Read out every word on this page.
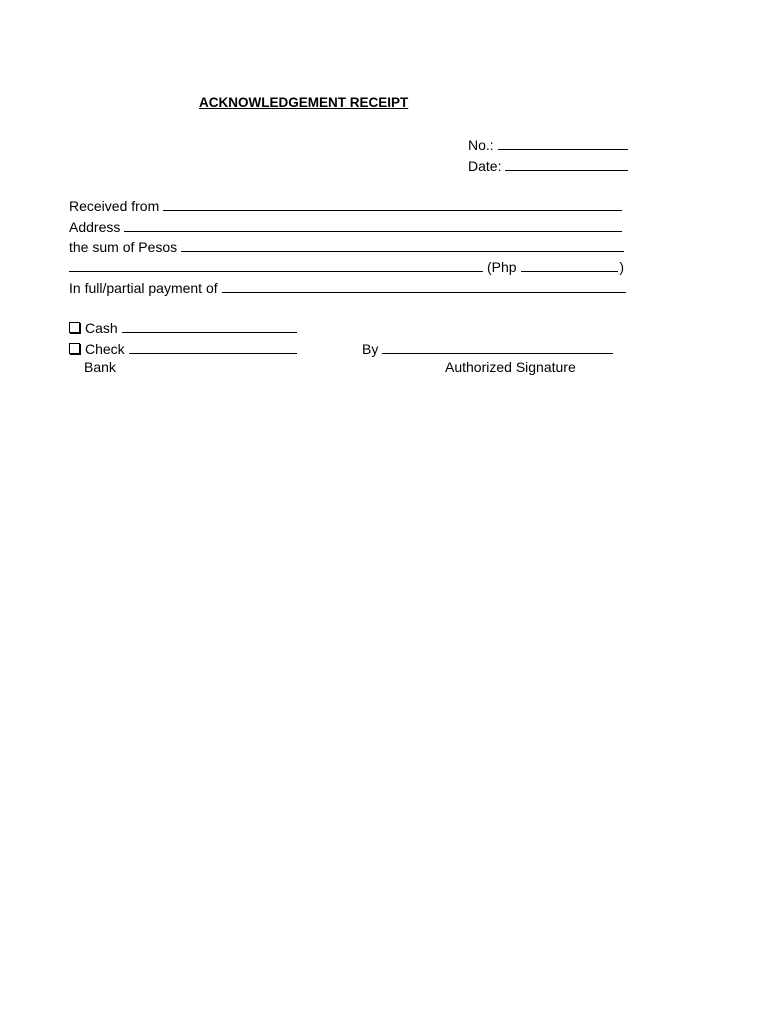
ACKNOWLEDGEMENT RECEIPT
No.:
Date:
Received from
Address
the sum of Pesos
(Php	)
In full/partial payment of
Cash
Check	By
Bank	Authorized Signature
